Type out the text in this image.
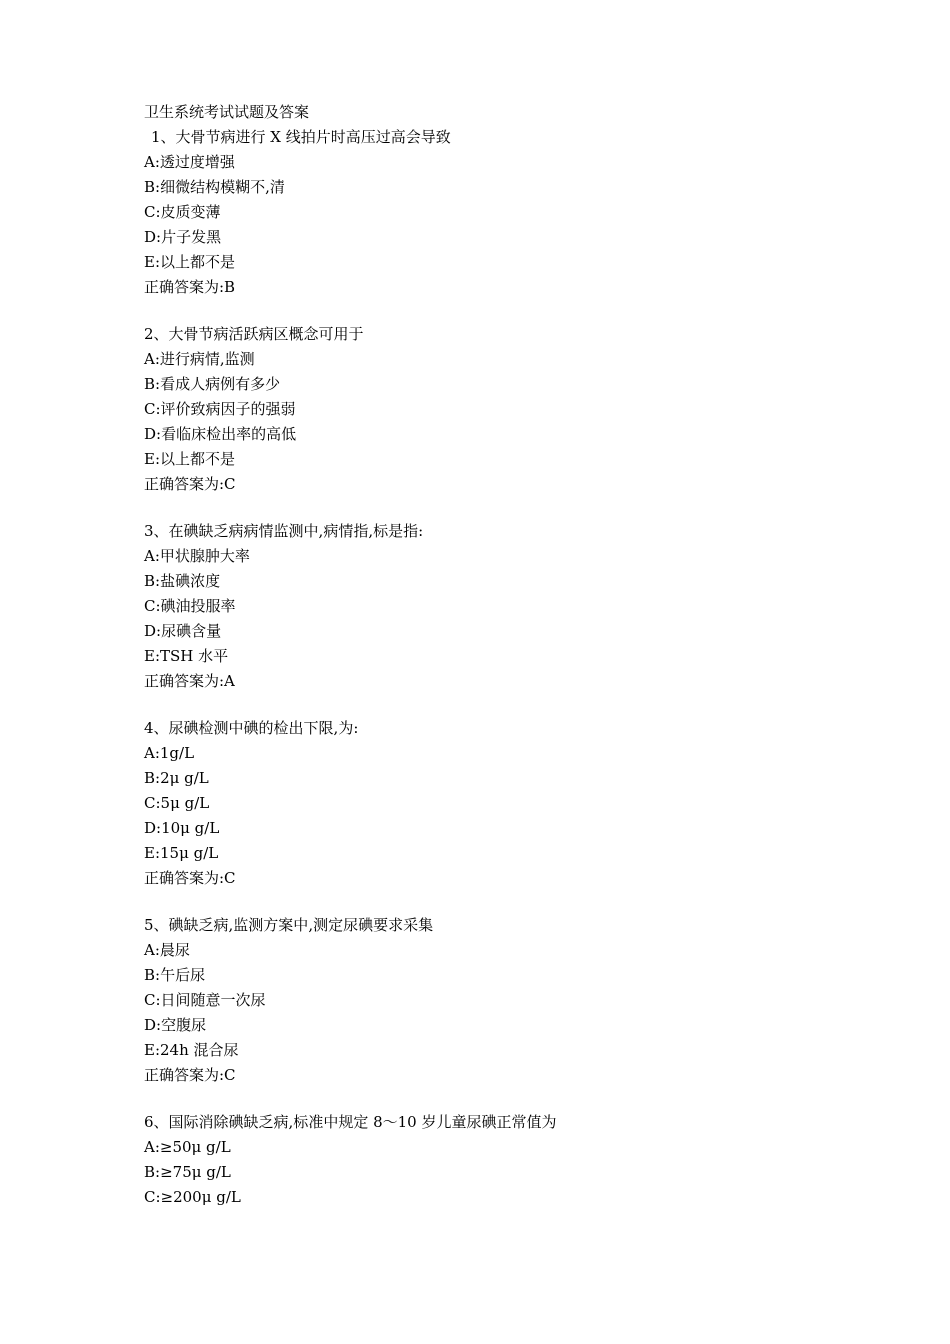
卫生系统考试试题及答案
1、大骨节病进行 X 线拍片时高压过高会导致
A:透过度增强
B:细微结构模糊不,清
C:皮质变薄
D:片子发黑
E:以上都不是
正确答案为:B
2、大骨节病活跃病区概念可用于
A:进行病情,监测
B:看成人病例有多少
C:评价致病因子的强弱
D:看临床检出率的高低
E:以上都不是
正确答案为:C
3、在碘缺乏病病情监测中,病情指,标是指:
A:甲状腺肿大率
B:盐碘浓度
C:碘油投服率
D:尿碘含量
E:TSH 水平
正确答案为:A
4、尿碘检测中碘的检出下限,为:
A:1g/L
B:2μ g/L
C:5μ g/L
D:10μ g/L
E:15μ g/L
正确答案为:C
5、碘缺乏病,监测方案中,测定尿碘要求采集
A:晨尿
B:午后尿
C:日间随意一次尿
D:空腹尿
E:24h 混合尿
正确答案为:C
6、国际消除碘缺乏病,标准中规定 8～10 岁儿童尿碘正常值为
A:≥50μ g/L
B:≥75μ g/L
C:≥200μ g/L
